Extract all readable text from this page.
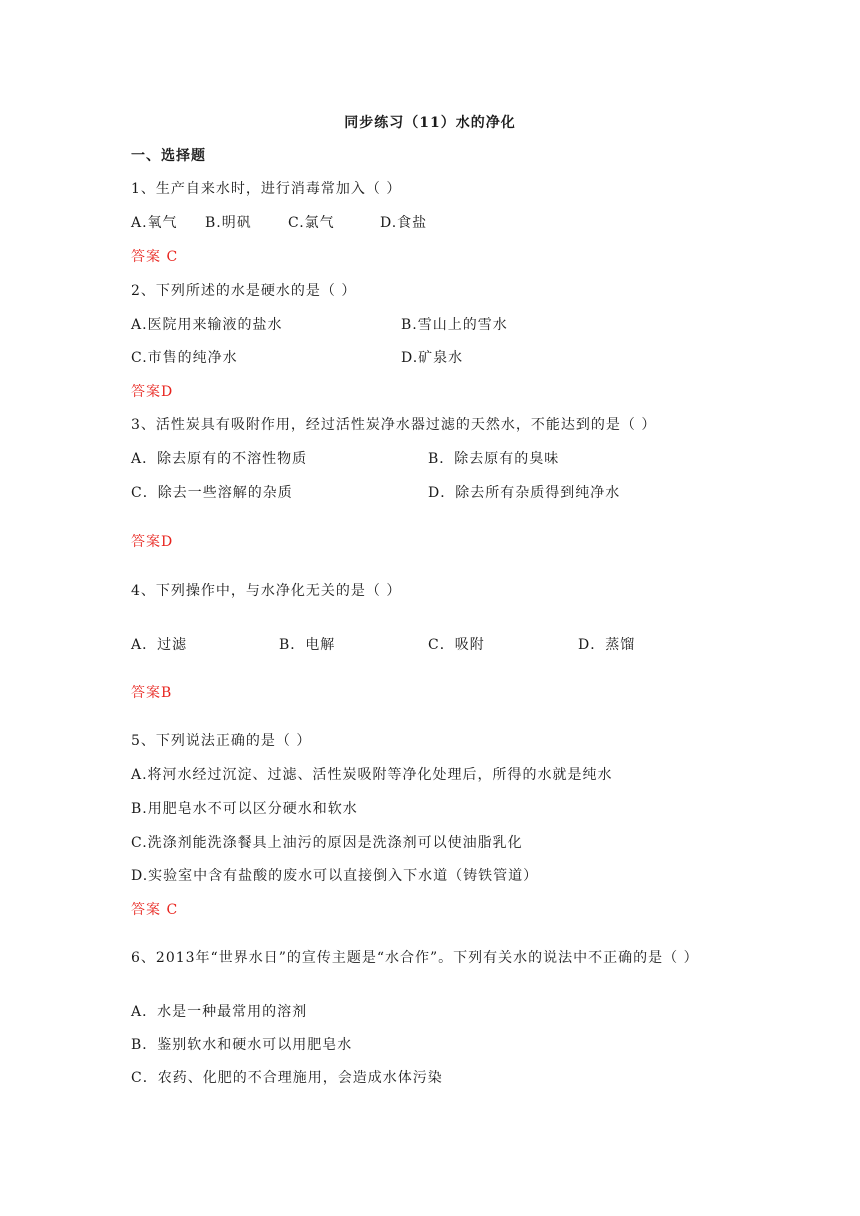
同步练习（11）水的净化
一、选择题
1、生产自来水时，进行消毒常加入（ ）
A.氧气 B.明矾	C.氯气	D.食盐
答案 C
2、下列所述的水是硬水的是（ ）
A.医院用来输液的盐水	B.雪山上的雪水
C.市售的纯净水	D.矿泉水
答案D
3、活性炭具有吸附作用，经过活性炭净水器过滤的天然水，不能达到的是（ ）
A．除去原有的不溶性物质	B．除去原有的臭味
C．除去一些溶解的杂质	D．除去所有杂质得到纯净水
答案D
4、下列操作中，与水净化无关的是（ ）
A．过滤	B．电解	C．吸附	D．蒸馏
答案B
5、下列说法正确的是（ ）
A.将河水经过沉淀、过滤、活性炭吸附等净化处理后，所得的水就是纯水
B.用肥皂水不可以区分硬水和软水
C.洗涤剂能洗涤餐具上油污的原因是洗涤剂可以使油脂乳化
D.实验室中含有盐酸的废水可以直接倒入下水道（铸铁管道）
答案 C
6、2013年“世界水日”的宣传主题是“水合作”。下列有关水的说法中不正确的是（ ）
A．水是一种最常用的溶剂
B．鉴别软水和硬水可以用肥皂水
C．农药、化肥的不合理施用，会造成水体污染
